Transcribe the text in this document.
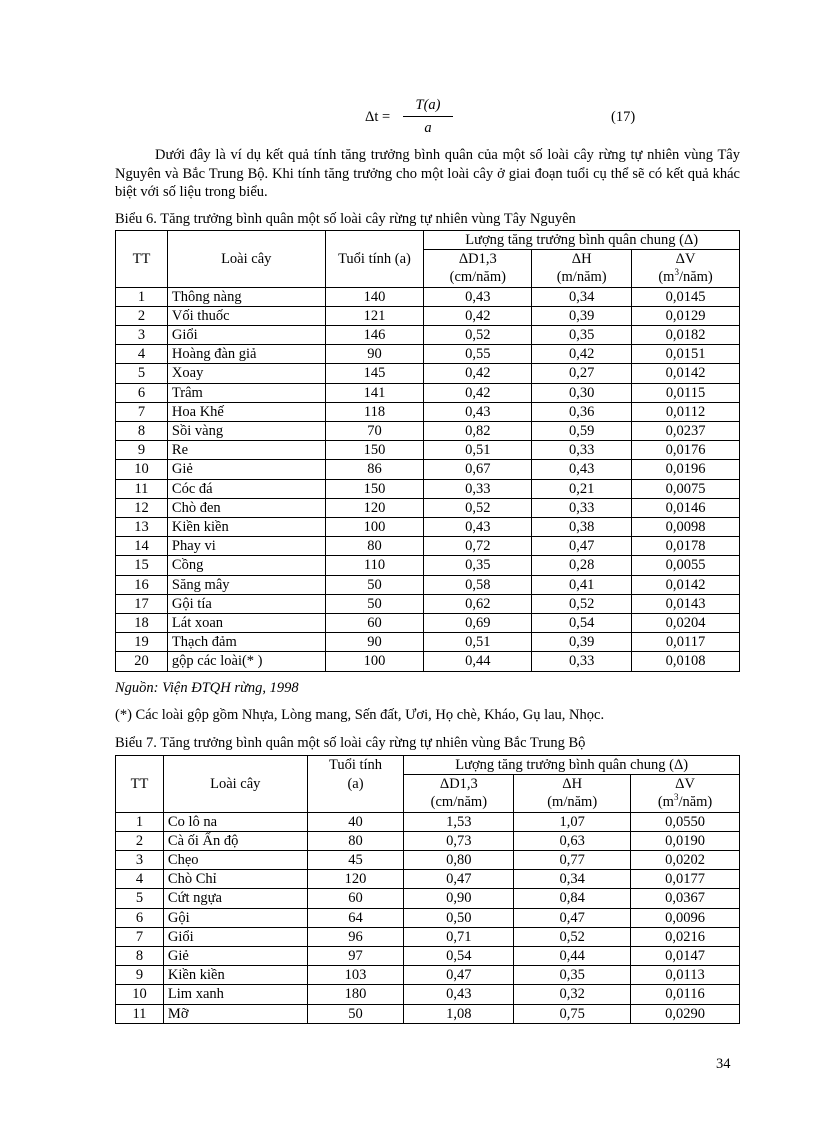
Δt =
T(a)
a
(17)
Dưới đây là ví dụ kết quả tính tăng trưởng bình quân của một số loài cây rừng tự nhiên vùng Tây Nguyên và Bắc Trung Bộ. Khi tính tăng trưởng cho một loài cây ở giai đoạn tuổi cụ thể sẽ có kết quả khác biệt với số liệu trong biểu.
Biểu 6. Tăng trưởng bình quân một số loài cây rừng tự nhiên vùng Tây Nguyên
TT	Loài cây	Tuổi tính (a)	Lượng tăng trưởng bình quân chung (Δ)		
			ΔD1,3	ΔH	ΔV
			(cm/năm)	(m/năm)	$(m^3/năm)$
1	Thông nàng	140	0,43	0,34	0,0145
2	Vối thuốc	121	0,42	0,39	0,0129
3	Giổi	146	0,52	0,35	0,0182
4	Hoàng đàn giả	90	0,55	0,42	0,0151
5	Xoay	145	0,42	0,27	0,0142
6	Trâm	141	0,42	0,30	0,0115
7	Hoa Khế	118	0,43	0,36	0,0112
8	Sồi vàng	70	0,82	0,59	0,0237
9	Re	150	0,51	0,33	0,0176
10	Giẻ	86	0,67	0,43	0,0196
11	Cóc đá	150	0,33	0,21	0,0075
12	Chò đen	120	0,52	0,33	0,0146
13	Kiền kiền	100	0,43	0,38	0,0098
14	Phay vi	80	0,72	0,47	0,0178
15	Cồng	110	0,35	0,28	0,0055
16	Săng mây	50	0,58	0,41	0,0142
17	Gội tía	50	0,62	0,52	0,0143
18	Lát xoan	60	0,69	0,54	0,0204
19	Thạch đảm	90	0,51	0,39	0,0117
20	gộp các loài(* )	100	0,44	0,33	0,0108
Nguồn: Viện ĐTQH rừng, 1998
(*) Các loài gộp gồm Nhựa, Lòng mang, Sến đất, Ươi, Họ chè, Kháo, Gụ lau, Nhọc.
Biểu 7. Tăng trưởng bình quân một số loài cây rừng tự nhiên vùng Bắc Trung Bộ
TT	Loài cây	Tuổi tính	Lượng tăng trưởng bình quân chung (Δ)		
		(a)	ΔD1,3	ΔH	ΔV
			(cm/năm)	(m/năm)	$(m^3/năm)$
1	Co lô na	40	1,53	1,07	0,0550
2	Cà ối Ấn độ	80	0,73	0,63	0,0190
3	Chẹo	45	0,80	0,77	0,0202
4	Chò Chỉ	120	0,47	0,34	0,0177
5	Cứt ngựa	60	0,90	0,84	0,0367
6	Gội	64	0,50	0,47	0,0096
7	Giổi	96	0,71	0,52	0,0216
8	Giẻ	97	0,54	0,44	0,0147
9	Kiền kiền	103	0,47	0,35	0,0113
10	Lim xanh	180	0,43	0,32	0,0116
11	Mỡ	50	1,08	0,75	0,0290
34
